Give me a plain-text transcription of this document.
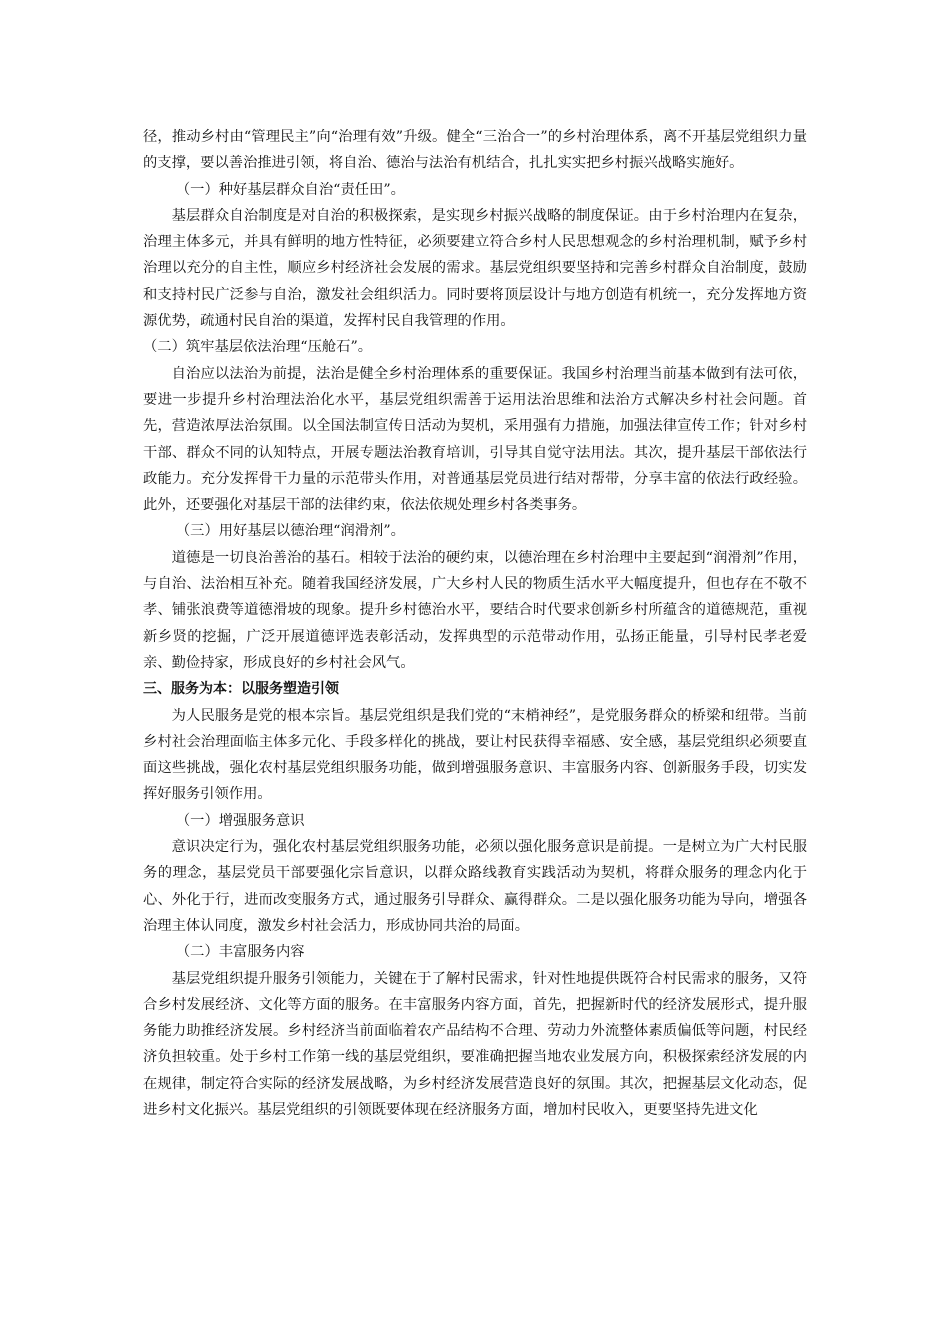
径，推动乡村由“管理民主”向“治理有效”升级。健全“三治合一”的乡村治理体系，离不开基层党组织力量的支撑，要以善治推进引领，将自治、德治与法治有机结合，扎扎实实把乡村振兴战略实施好。

（一）种好基层群众自治“责任田”。

基层群众自治制度是对自治的积极探索，是实现乡村振兴战略的制度保证。由于乡村治理内在复杂，治理主体多元，并具有鲜明的地方性特征，必须要建立符合乡村人民思想观念的乡村治理机制，赋予乡村治理以充分的自主性，顺应乡村经济社会发展的需求。基层党组织要坚持和完善乡村群众自治制度，鼓励和支持村民广泛参与自治，激发社会组织活力。同时要将顶层设计与地方创造有机统一，充分发挥地方资源优势，疏通村民自治的渠道，发挥村民自我管理的作用。

（二）筑牢基层依法治理“压舱石”。

自治应以法治为前提，法治是健全乡村治理体系的重要保证。我国乡村治理当前基本做到有法可依，要进一步提升乡村治理法治化水平，基层党组织需善于运用法治思维和法治方式解决乡村社会问题。首先，营造浓厚法治氛围。以全国法制宣传日活动为契机，采用强有力措施，加强法律宣传工作；针对乡村干部、群众不同的认知特点，开展专题法治教育培训，引导其自觉守法用法。其次，提升基层干部依法行政能力。充分发挥骨干力量的示范带头作用，对普通基层党员进行结对帮带，分享丰富的依法行政经验。此外，还要强化对基层干部的法律约束，依法依规处理乡村各类事务。

（三）用好基层以德治理“润滑剂”。

道德是一切良治善治的基石。相较于法治的硬约束，以德治理在乡村治理中主要起到“润滑剂”作用，与自治、法治相互补充。随着我国经济发展，广大乡村人民的物质生活水平大幅度提升，但也存在不敬不孝、铺张浪费等道德滑坡的现象。提升乡村德治水平，要结合时代要求创新乡村所蕴含的道德规范，重视新乡贤的挖掘，广泛开展道德评选表彰活动，发挥典型的示范带动作用，弘扬正能量，引导村民孝老爱亲、勤俭持家，形成良好的乡村社会风气。

三、服务为本：以服务塑造引领

为人民服务是党的根本宗旨。基层党组织是我们党的“末梢神经”，是党服务群众的桥梁和纽带。当前乡村社会治理面临主体多元化、手段多样化的挑战，要让村民获得幸福感、安全感，基层党组织必须要直面这些挑战，强化农村基层党组织服务功能，做到增强服务意识、丰富服务内容、创新服务手段，切实发挥好服务引领作用。

（一）增强服务意识

意识决定行为，强化农村基层党组织服务功能，必须以强化服务意识是前提。一是树立为广大村民服务的理念，基层党员干部要强化宗旨意识，以群众路线教育实践活动为契机，将群众服务的理念内化于心、外化于行，进而改变服务方式，通过服务引导群众、赢得群众。二是以强化服务功能为导向，增强各治理主体认同度，激发乡村社会活力，形成协同共治的局面。

（二）丰富服务内容

基层党组织提升服务引领能力，关键在于了解村民需求，针对性地提供既符合村民需求的服务，又符合乡村发展经济、文化等方面的服务。在丰富服务内容方面，首先，把握新时代的经济发展形式，提升服务能力助推经济发展。乡村经济当前面临着农产品结构不合理、劳动力外流整体素质偏低等问题，村民经济负担较重。处于乡村工作第一线的基层党组织，要准确把握当地农业发展方向，积极探索经济发展的内在规律，制定符合实际的经济发展战略，为乡村经济发展营造良好的氛围。其次，把握基层文化动态，促进乡村文化振兴。基层党组织的引领既要体现在经济服务方面，增加村民收入，更要坚持先进文化
